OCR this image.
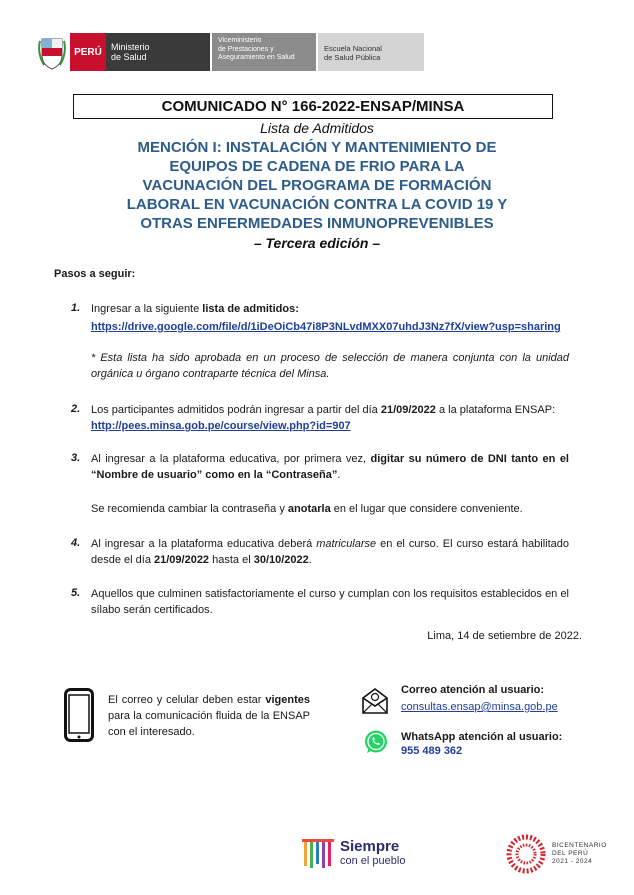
PERÚ	Ministerio
de Salud
Viceministerio
de Prestaciones y
Aseguramiento en Salud
Escuela Nacional
de Salud Pública
COMUNICADO N° 166-2022-ENSAP/MINSA
Lista de Admitidos
MENCIÓN I: INSTALACIÓN Y MANTENIMIENTO DE
EQUIPOS DE CADENA DE FRIO PARA LA
VACUNACIÓN DEL PROGRAMA DE FORMACIÓN
LABORAL EN VACUNACIÓN CONTRA LA COVID 19 Y
OTRAS ENFERMEDADES INMUNOPREVENIBLES
– Tercera edición –
Pasos a seguir:
1. Ingresar a la siguiente lista de admitidos:
https://drive.google.com/file/d/1iDeOiCb47i8P3NLvdMXX07uhdJ3Nz7fX/view?usp=sharing
* Esta lista ha sido aprobada en un proceso de selección de manera conjunta con la unidad orgánica u órgano contraparte técnica del Minsa.
2. Los participantes admitidos podrán ingresar a partir del día 21/09/2022 a la plataforma ENSAP:
http://pees.minsa.gob.pe/course/view.php?id=907
3. Al ingresar a la plataforma educativa, por primera vez, digitar su número de DNI tanto en el “Nombre de usuario” como en la “Contraseña”.
Se recomienda cambiar la contraseña y anotarla en el lugar que considere conveniente.
4. Al ingresar a la plataforma educativa deberá matricularse en el curso. El curso estará habilitado desde el día 21/09/2022 hasta el 30/10/2022.
5. Aquellos que culminen satisfactoriamente el curso y cumplan con los requisitos establecidos en el sílabo serán certificados.
Lima, 14 de setiembre de 2022.
El correo y celular deben estar vigentes para la comunicación fluida de la ENSAP con el interesado.
Correo atención al usuario:
consultas.ensap@minsa.gob.pe
WhatsApp atención al usuario:
955 489 362
Siempre
con el pueblo
BICENTENARIO
DEL PERÚ
2021 - 2024
